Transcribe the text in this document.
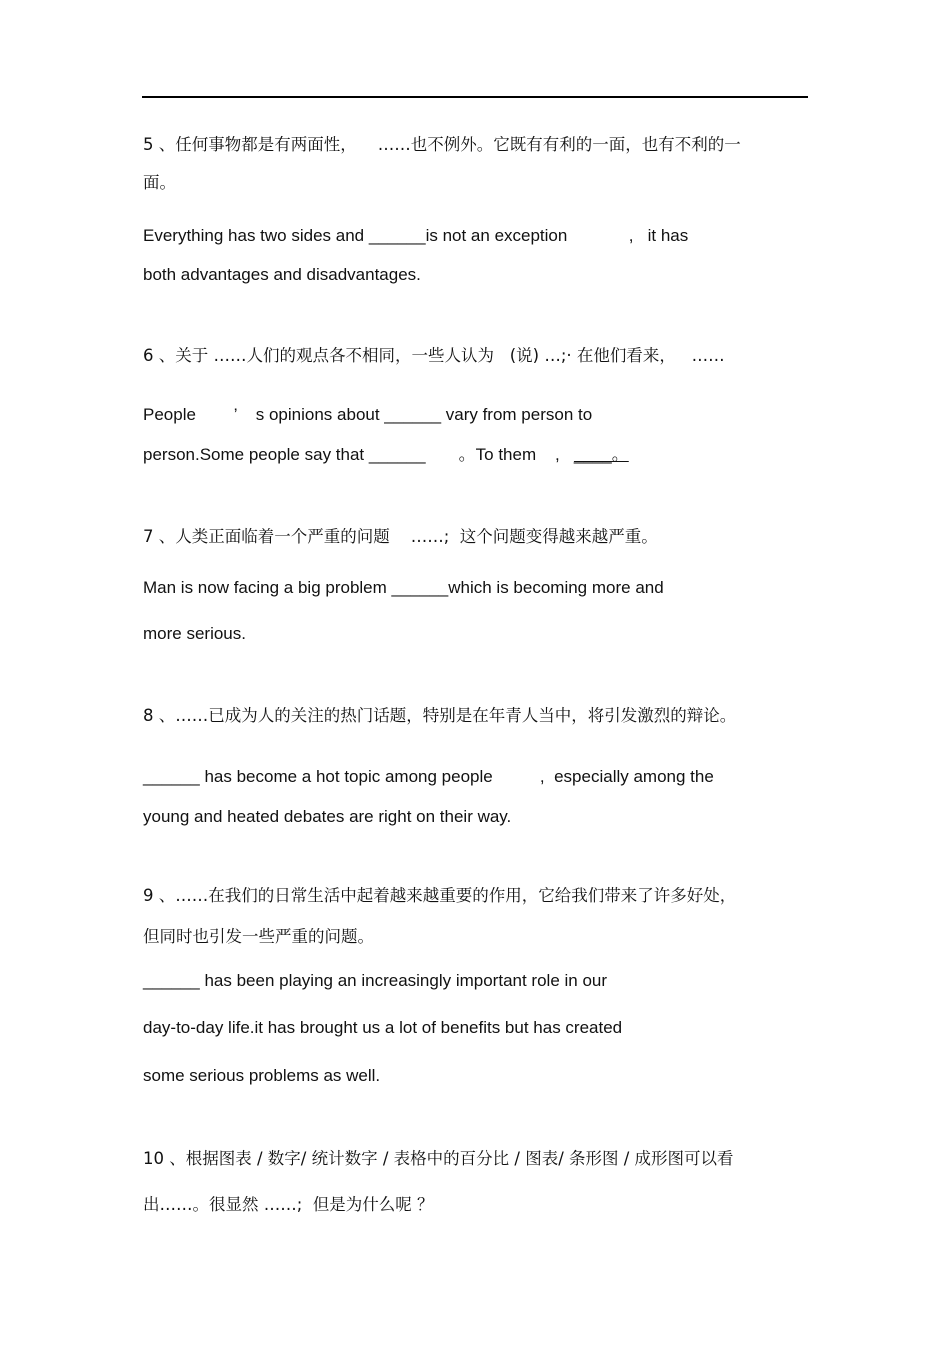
5 、任何事物都是有两面性，    ……也不例外。它既有有利的一面，也有不利的一
面。
Everything has two sides and ______is not an exception             ,   it has
both advantages and disadvantages.
6 、关于 ……人们的观点各不相同，一些人认为   (说) …;· 在他们看来，   ……
People        ’    s opinions about ______ vary from person to
person.Some people say that ______       。To them    ,   ____。
7 、人类正面临着一个严重的问题    ……;  这个问题变得越来越严重。
Man is now facing a big problem ______which is becoming more and
more serious.
8 、……已成为人的关注的热门话题，特别是在年青人当中，将引发激烈的辩论。
______ has become a hot topic among people          ,  especially among the
young and heated debates are right on their way.
9 、……在我们的日常生活中起着越来越重要的作用，它给我们带来了许多好处，
但同时也引发一些严重的问题。
______ has been playing an increasingly important role in our
day-to-day life.it has brought us a lot of benefits but has created
some serious problems as well.
10 、根据图表 / 数字/ 统计数字 / 表格中的百分比 / 图表/ 条形图 / 成形图可以看
出……。很显然 ……;  但是为什么呢 ？
